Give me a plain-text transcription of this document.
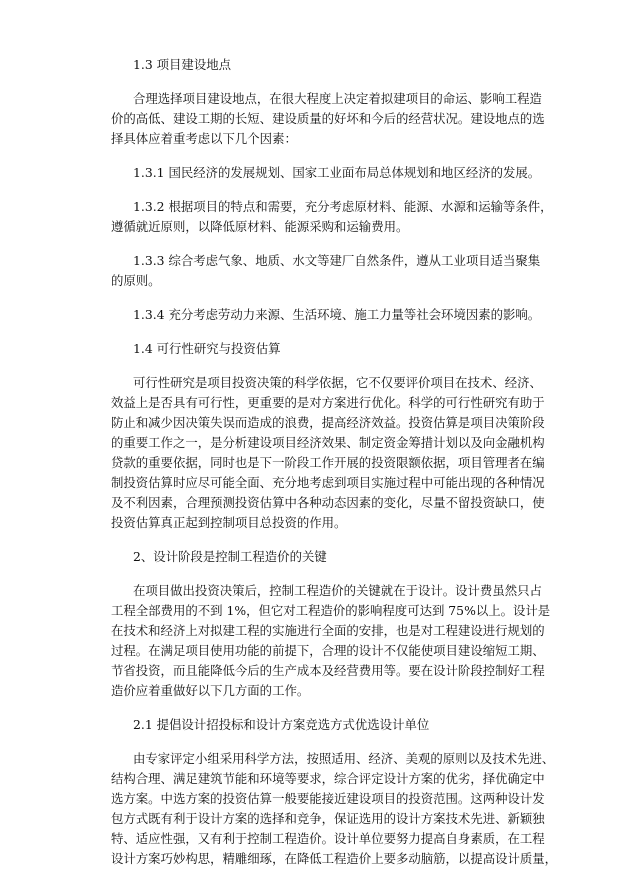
1.3 项目建设地点
合理选择项目建设地点，在很大程度上决定着拟建项目的命运、影响工程造
价的高低、建设工期的长短、建设质量的好坏和今后的经营状况。建设地点的选
择具体应着重考虑以下几个因素：
1.3.1 国民经济的发展规划、国家工业面布局总体规划和地区经济的发展。
1.3.2 根据项目的特点和需要，充分考虑原材料、能源、水源和运输等条件，
遵循就近原则，以降低原材料、能源采购和运输费用。
1.3.3 综合考虑气象、地质、水文等建厂自然条件，遵从工业项目适当聚集
的原则。
1.3.4 充分考虑劳动力来源、生活环境、施工力量等社会环境因素的影响。
1.4 可行性研究与投资估算
可行性研究是项目投资决策的科学依据，它不仅要评价项目在技术、经济、
效益上是否具有可行性，更重要的是对方案进行优化。科学的可行性研究有助于
防止和减少因决策失误而造成的浪费，提高经济效益。投资估算是项目决策阶段
的重要工作之一，是分析建设项目经济效果、制定资金筹措计划以及向金融机构
贷款的重要依据，同时也是下一阶段工作开展的投资限额依据，项目管理者在编
制投资估算时应尽可能全面、充分地考虑到项目实施过程中可能出现的各种情况
及不利因素，合理预测投资估算中各种动态因素的变化，尽量不留投资缺口，使
投资估算真正起到控制项目总投资的作用。
2、设计阶段是控制工程造价的关键
在项目做出投资决策后，控制工程造价的关键就在于设计。设计费虽然只占
工程全部费用的不到 1%，但它对工程造价的影响程度可达到 75%以上。设计是
在技术和经济上对拟建工程的实施进行全面的安排，也是对工程建设进行规划的
过程。在满足项目使用功能的前提下，合理的设计不仅能使项目建设缩短工期、
节省投资，而且能降低今后的生产成本及经营费用等。要在设计阶段控制好工程
造价应着重做好以下几方面的工作。
2.1 提倡设计招投标和设计方案竞选方式优选设计单位
由专家评定小组采用科学方法，按照适用、经济、美观的原则以及技术先进、
结构合理、满足建筑节能和环境等要求，综合评定设计方案的优劣，择优确定中
选方案。中选方案的投资估算一般要能接近建设项目的投资范围。这两种设计发
包方式既有利于设计方案的选择和竞争，保证选用的设计方案技术先进、新颖独
特、适应性强，又有利于控制工程造价。设计单位要努力提高自身素质，在工程
设计方案巧妙构思，精雕细琢，在降低工程造价上要多动脑筋，以提高设计质量，
